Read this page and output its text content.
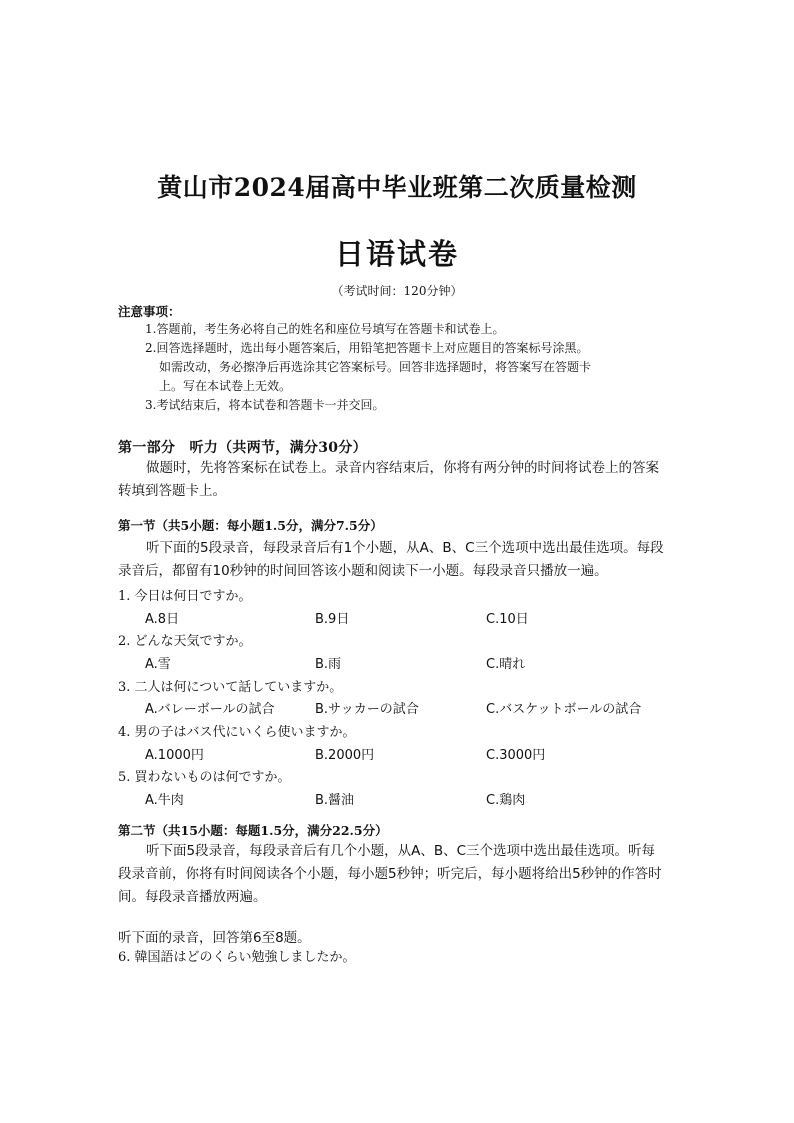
黄山市2024届高中毕业班第二次质量检测
日语试卷
（考试时间：120分钟）
注意事项：
1.答题前，考生务必将自己的姓名和座位号填写在答题卡和试卷上。
2.回答选择题时，选出每小题答案后，用铅笔把答题卡上对应题目的答案标号涂黑。
如需改动，务必擦净后再选涂其它答案标号。回答非选择题时，将答案写在答题卡
上。写在本试卷上无效。
3.考试结束后，将本试卷和答题卡一并交回。
第一部分　听力（共两节，满分30分）
做题时，先将答案标在试卷上。录音内容结束后，你将有两分钟的时间将试卷上的答案转填到答题卡上。
第一节（共5小题：每小题1.5分，满分7.5分）
听下面的5段录音，每段录音后有1个小题，从A、B、C三个选项中选出最佳选项。每段录音后，都留有10秒钟的时间回答该小题和阅读下一小题。每段录音只播放一遍。
1. 今日は何日ですか。
A.8日	B.9日	C.10日
2. どんな天気ですか。
A.雪	B.雨	C.晴れ
3. 二人は何について話していますか。
A.バレーボールの試合	B.サッカーの試合	C.バスケットボールの試合
4. 男の子はバス代にいくら使いますか。
A.1000円	B.2000円	C.3000円
5. 買わないものは何ですか。
A.牛肉	B.醤油	C.鶏肉
第二节（共15小题：每题1.5分，满分22.5分）
听下面5段录音，每段录音后有几个小题，从A、B、C三个选项中选出最佳选项。听每段录音前，你将有时间阅读各个小题，每小题5秒钟；听完后，每小题将给出5秒钟的作答时间。每段录音播放两遍。
听下面的录音，回答第6至8题。
6. 韓国語はどのくらい勉強しましたか。
